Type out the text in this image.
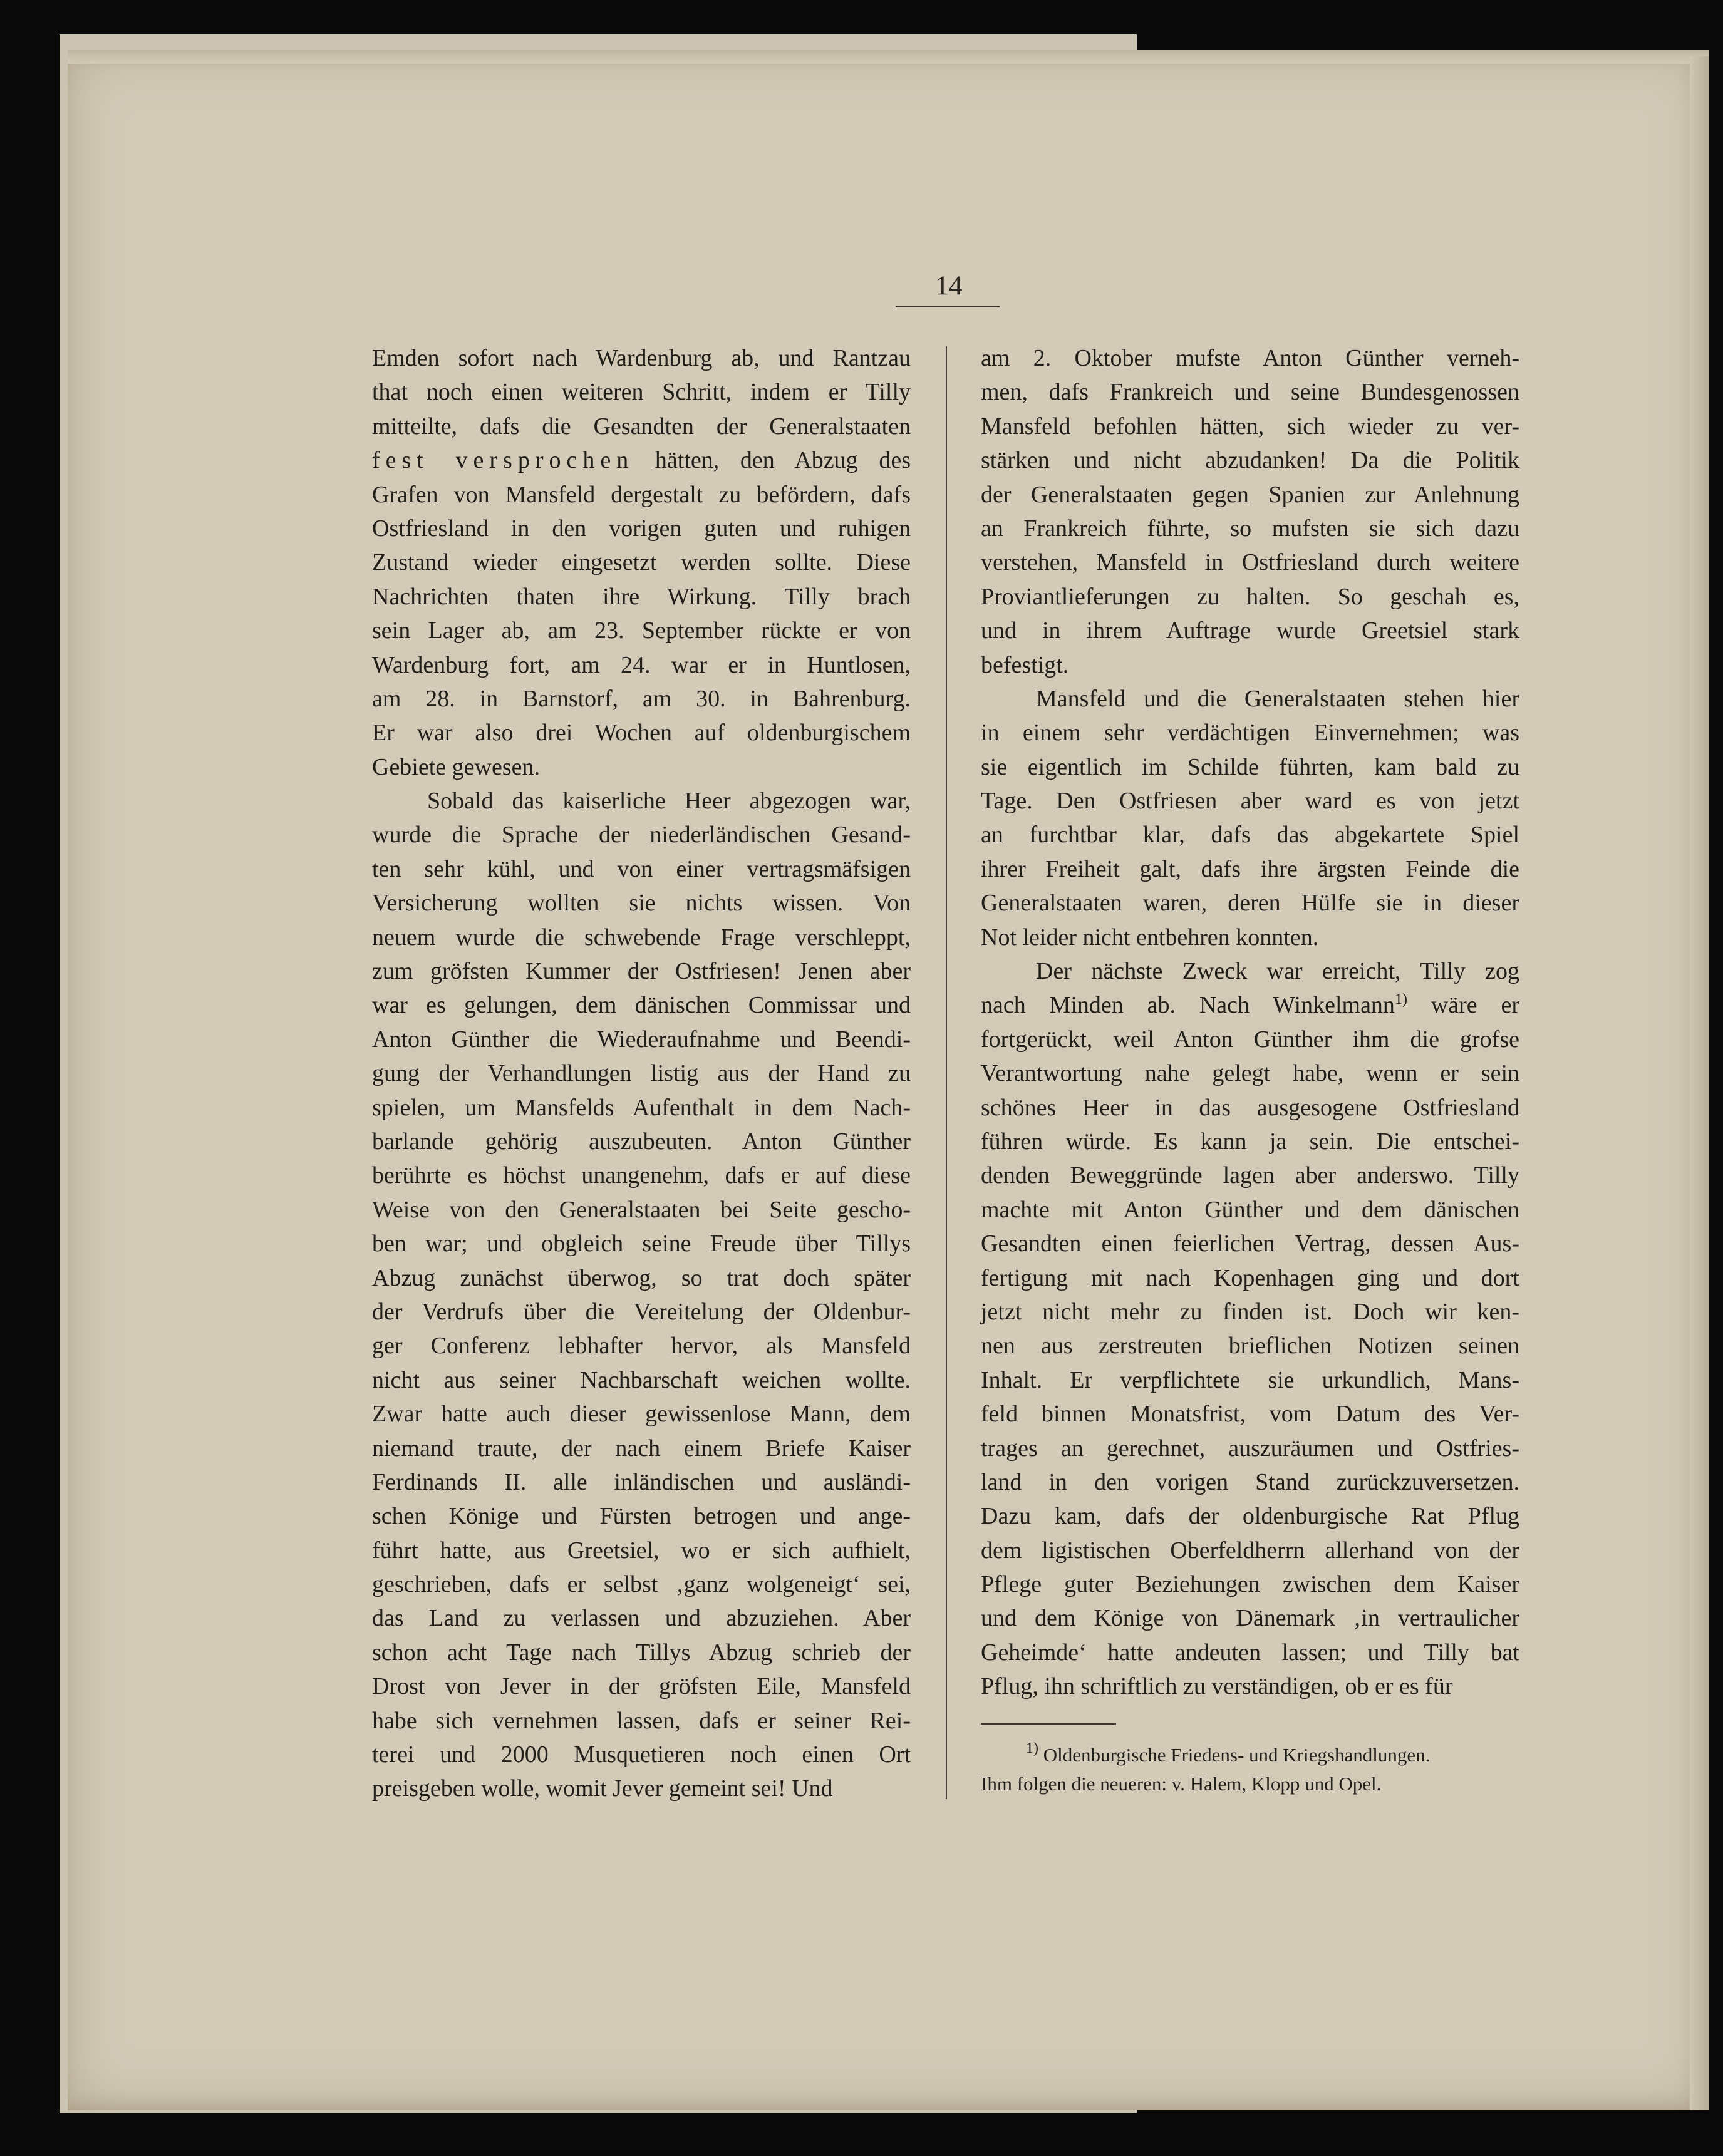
14
Emden sofort nach Wardenburg ab, und Rantzau
that noch einen weiteren Schritt, indem er Tilly
mitteilte, dafs die Gesandten der Generalstaaten
fest versprochen hätten, den Abzug des
Grafen von Mansfeld dergestalt zu befördern, dafs
Ostfriesland in den vorigen guten und ruhigen
Zustand wieder eingesetzt werden sollte. Diese
Nachrichten thaten ihre Wirkung. Tilly brach
sein Lager ab, am 23. September rückte er von
Wardenburg fort, am 24. war er in Huntlosen,
am 28. in Barnstorf, am 30. in Bahrenburg.
Er war also drei Wochen auf oldenburgischem
Gebiete gewesen.
Sobald das kaiserliche Heer abgezogen war,
wurde die Sprache der niederländischen Gesand-
ten sehr kühl, und von einer vertragsmäfsigen
Versicherung wollten sie nichts wissen. Von
neuem wurde die schwebende Frage verschleppt,
zum gröfsten Kummer der Ostfriesen! Jenen aber
war es gelungen, dem dänischen Commissar und
Anton Günther die Wiederaufnahme und Beendi-
gung der Verhandlungen listig aus der Hand zu
spielen, um Mansfelds Aufenthalt in dem Nach-
barlande gehörig auszubeuten. Anton Günther
berührte es höchst unangenehm, dafs er auf diese
Weise von den Generalstaaten bei Seite gescho-
ben war; und obgleich seine Freude über Tillys
Abzug zunächst überwog, so trat doch später
der Verdrufs über die Vereitelung der Oldenbur-
ger Conferenz lebhafter hervor, als Mansfeld
nicht aus seiner Nachbarschaft weichen wollte.
Zwar hatte auch dieser gewissenlose Mann, dem
niemand traute, der nach einem Briefe Kaiser
Ferdinands II. alle inländischen und ausländi-
schen Könige und Fürsten betrogen und ange-
führt hatte, aus Greetsiel, wo er sich aufhielt,
geschrieben, dafs er selbst ‚ganz wolgeneigt‘ sei,
das Land zu verlassen und abzuziehen. Aber
schon acht Tage nach Tillys Abzug schrieb der
Drost von Jever in der gröfsten Eile, Mansfeld
habe sich vernehmen lassen, dafs er seiner Rei-
terei und 2000 Musquetieren noch einen Ort
preisgeben wolle, womit Jever gemeint sei! Und
am 2. Oktober mufste Anton Günther verneh-
men, dafs Frankreich und seine Bundesgenossen
Mansfeld befohlen hätten, sich wieder zu ver-
stärken und nicht abzudanken! Da die Politik
der Generalstaaten gegen Spanien zur Anlehnung
an Frankreich führte, so mufsten sie sich dazu
verstehen, Mansfeld in Ostfriesland durch weitere
Proviantlieferungen zu halten. So geschah es,
und in ihrem Auftrage wurde Greetsiel stark
befestigt.
Mansfeld und die Generalstaaten stehen hier
in einem sehr verdächtigen Einvernehmen; was
sie eigentlich im Schilde führten, kam bald zu
Tage. Den Ostfriesen aber ward es von jetzt
an furchtbar klar, dafs das abgekartete Spiel
ihrer Freiheit galt, dafs ihre ärgsten Feinde die
Generalstaaten waren, deren Hülfe sie in dieser
Not leider nicht entbehren konnten.
Der nächste Zweck war erreicht, Tilly zog
nach Minden ab. Nach Winkelmann$^{1)}$ wäre er
fortgerückt, weil Anton Günther ihm die grofse
Verantwortung nahe gelegt habe, wenn er sein
schönes Heer in das ausgesogene Ostfriesland
führen würde. Es kann ja sein. Die entschei-
denden Beweggründe lagen aber anderswo. Tilly
machte mit Anton Günther und dem dänischen
Gesandten einen feierlichen Vertrag, dessen Aus-
fertigung mit nach Kopenhagen ging und dort
jetzt nicht mehr zu finden ist. Doch wir ken-
nen aus zerstreuten brieflichen Notizen seinen
Inhalt. Er verpflichtete sie urkundlich, Mans-
feld binnen Monatsfrist, vom Datum des Ver-
trages an gerechnet, auszuräumen und Ostfries-
land in den vorigen Stand zurückzuversetzen.
Dazu kam, dafs der oldenburgische Rat Pflug
dem ligistischen Oberfeldherrn allerhand von der
Pflege guter Beziehungen zwischen dem Kaiser
und dem Könige von Dänemark ‚in vertraulicher
Geheimde‘ hatte andeuten lassen; und Tilly bat
Pflug, ihn schriftlich zu verständigen, ob er es für
$^{1)}$ Oldenburgische Friedens- und Kriegshandlungen.
Ihm folgen die neueren: v. Halem, Klopp und Opel.
